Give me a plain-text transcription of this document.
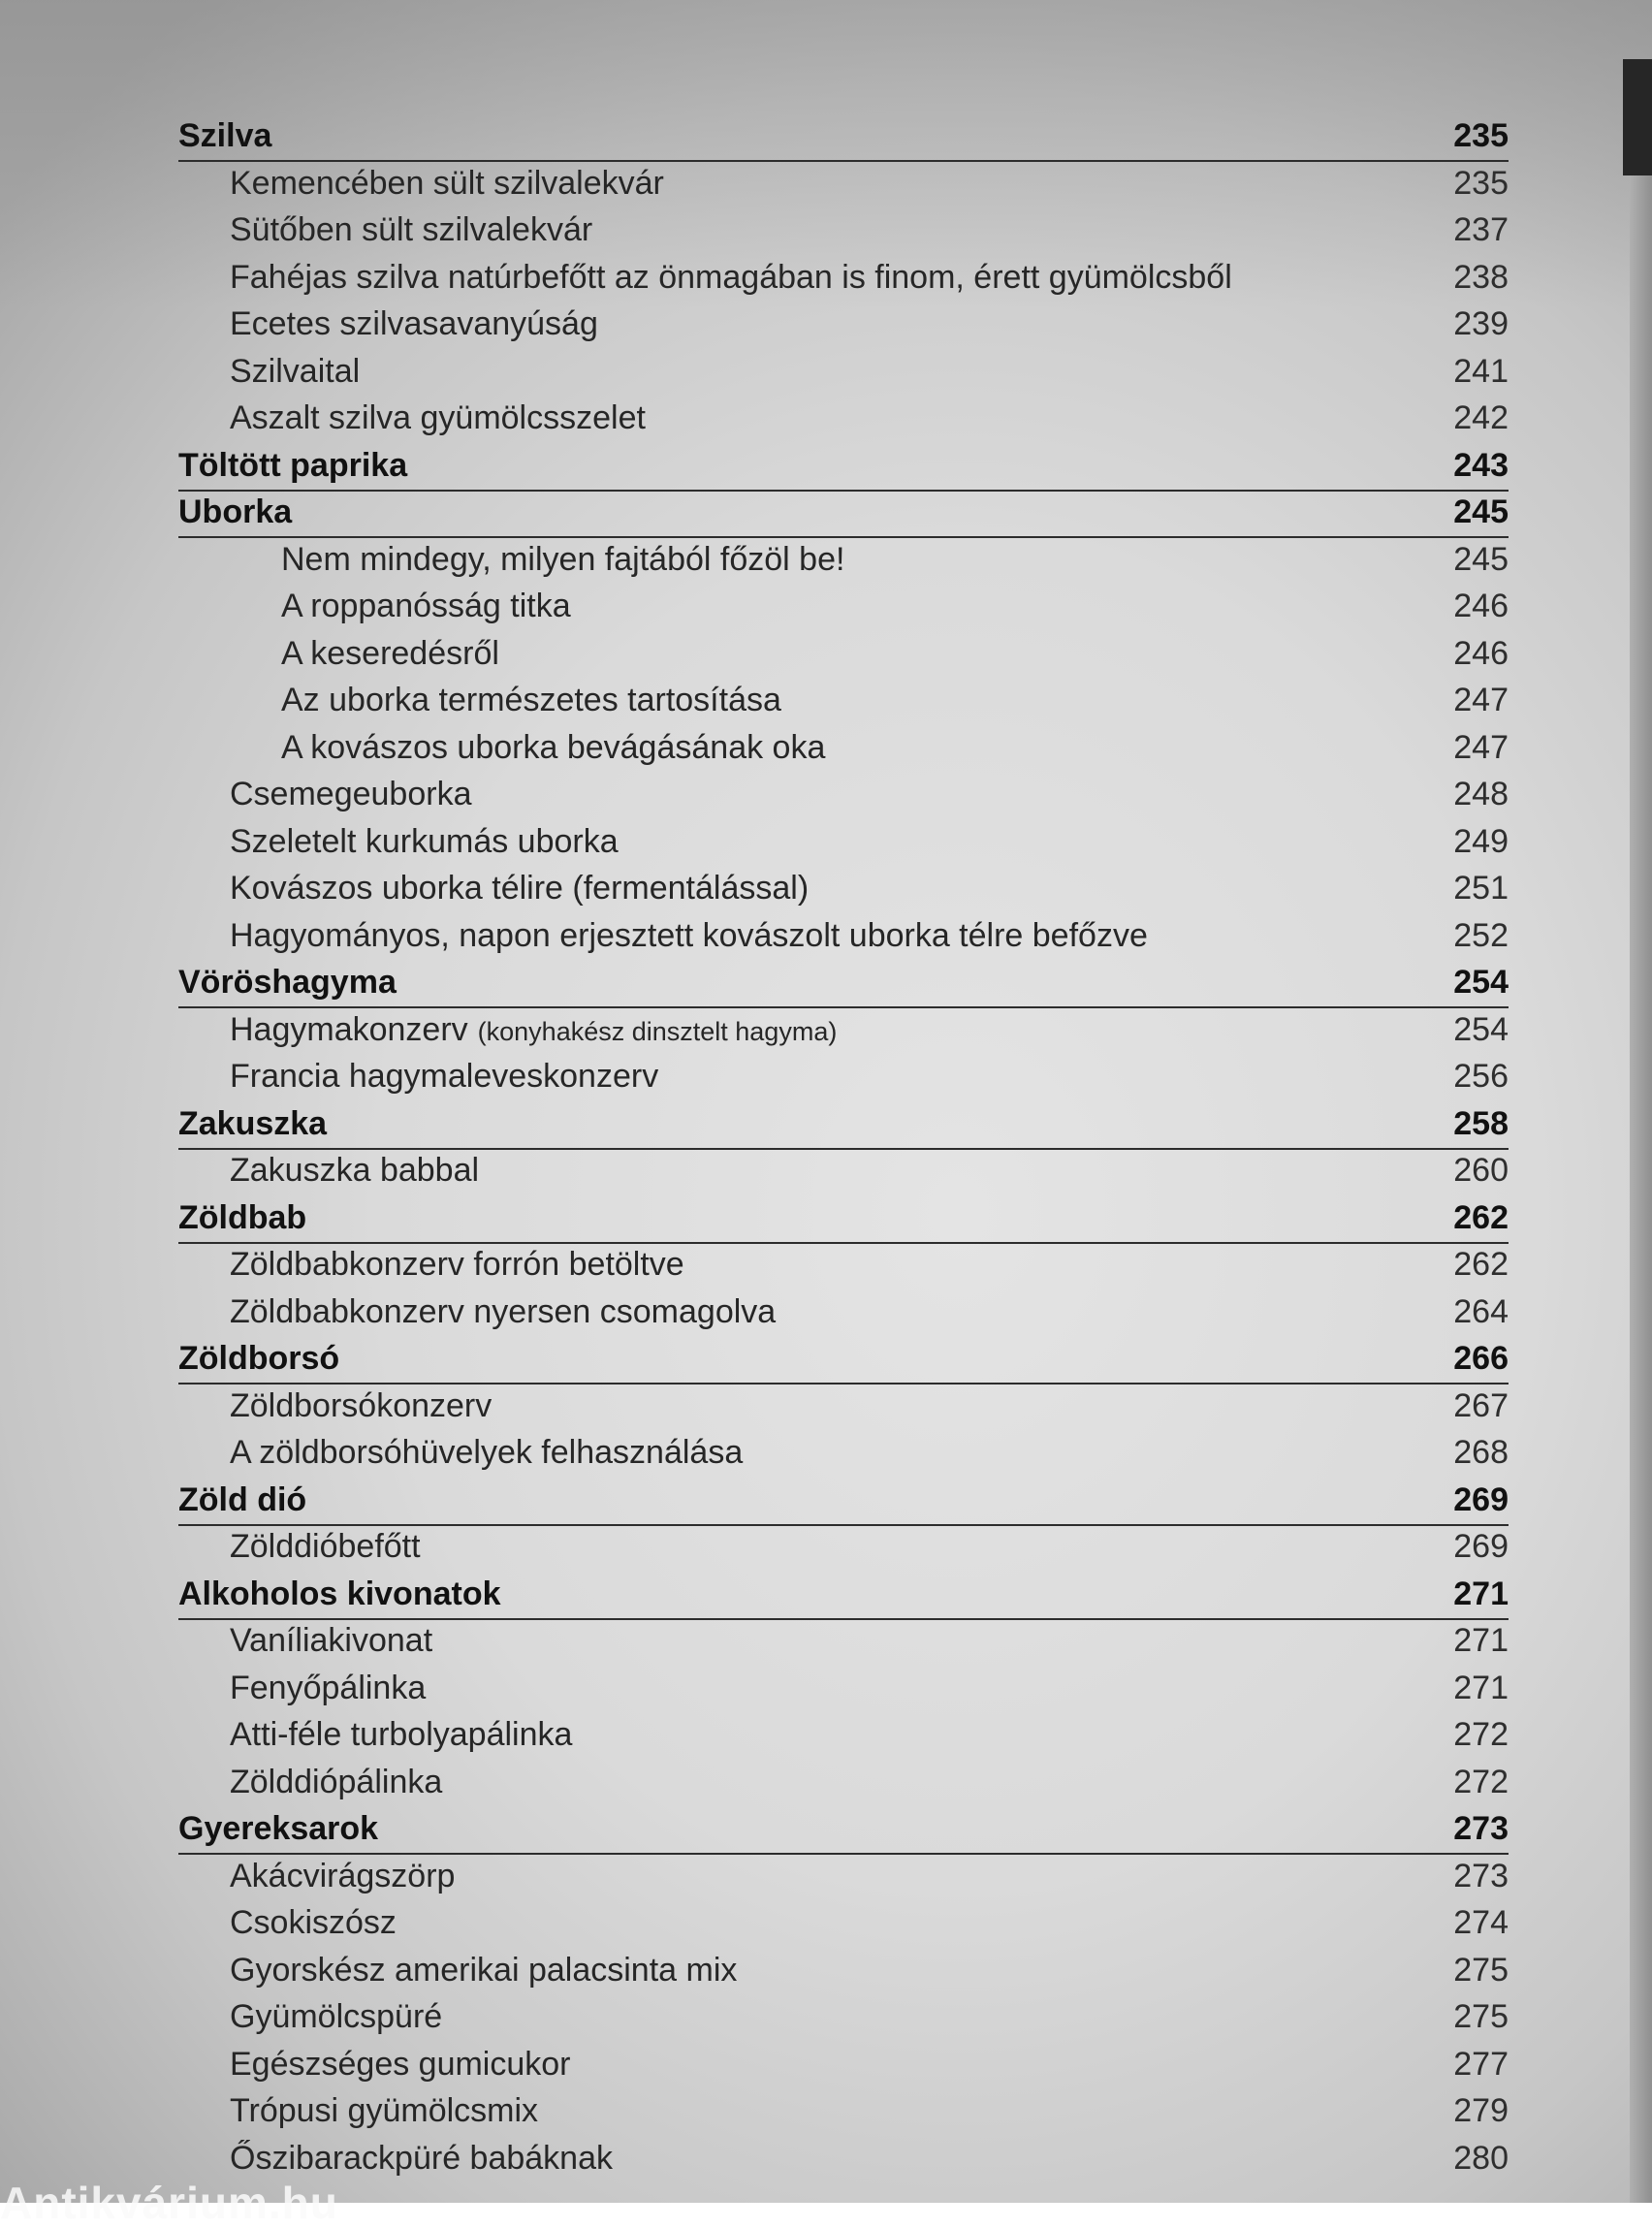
Szilva	235
Kemencében sült szilvalekvár	235
Sütőben sült szilvalekvár	237
Fahéjas szilva natúrbefőtt az önmagában is finom, érett gyümölcsből	238
Ecetes szilvasavanyúság	239
Szilvaital	241
Aszalt szilva gyümölcsszelet	242
Töltött paprika	243
Uborka	245
Nem mindegy, milyen fajtából főzöl be!	245
A roppanósság titka	246
A keseredésről	246
Az uborka természetes tartosítása	247
A kovászos uborka bevágásának oka	247
Csemegeuborka	248
Szeletelt kurkumás uborka	249
Kovászos uborka télire (fermentálással)	251
Hagyományos, napon erjesztett kovászolt uborka télre befőzve	252
Vöröshagyma	254
Hagymakonzerv (konyhakész dinsztelt hagyma)	254
Francia hagymaleveskonzerv	256
Zakuszka	258
Zakuszka babbal	260
Zöldbab	262
Zöldbabkonzerv forrón betöltve	262
Zöldbabkonzerv nyersen csomagolva	264
Zöldborsó	266
Zöldborsókonzerv	267
A zöldborsóhüvelyek felhasználása	268
Zöld dió	269
Zölddióbefőtt	269
Alkoholos kivonatok	271
Vaníliakivonat	271
Fenyőpálinka	271
Atti-féle turbolyapálinka	272
Zölddiópálinka	272
Gyereksarok	273
Akácvirágszörp	273
Csokiszósz	274
Gyorskész amerikai palacsinta mix	275
Gyümölcspüré	275
Egészséges gumicukor	277
Trópusi gyümölcsmix	279
Őszibarackpüré babáknak	280
Antikvárium.hu
